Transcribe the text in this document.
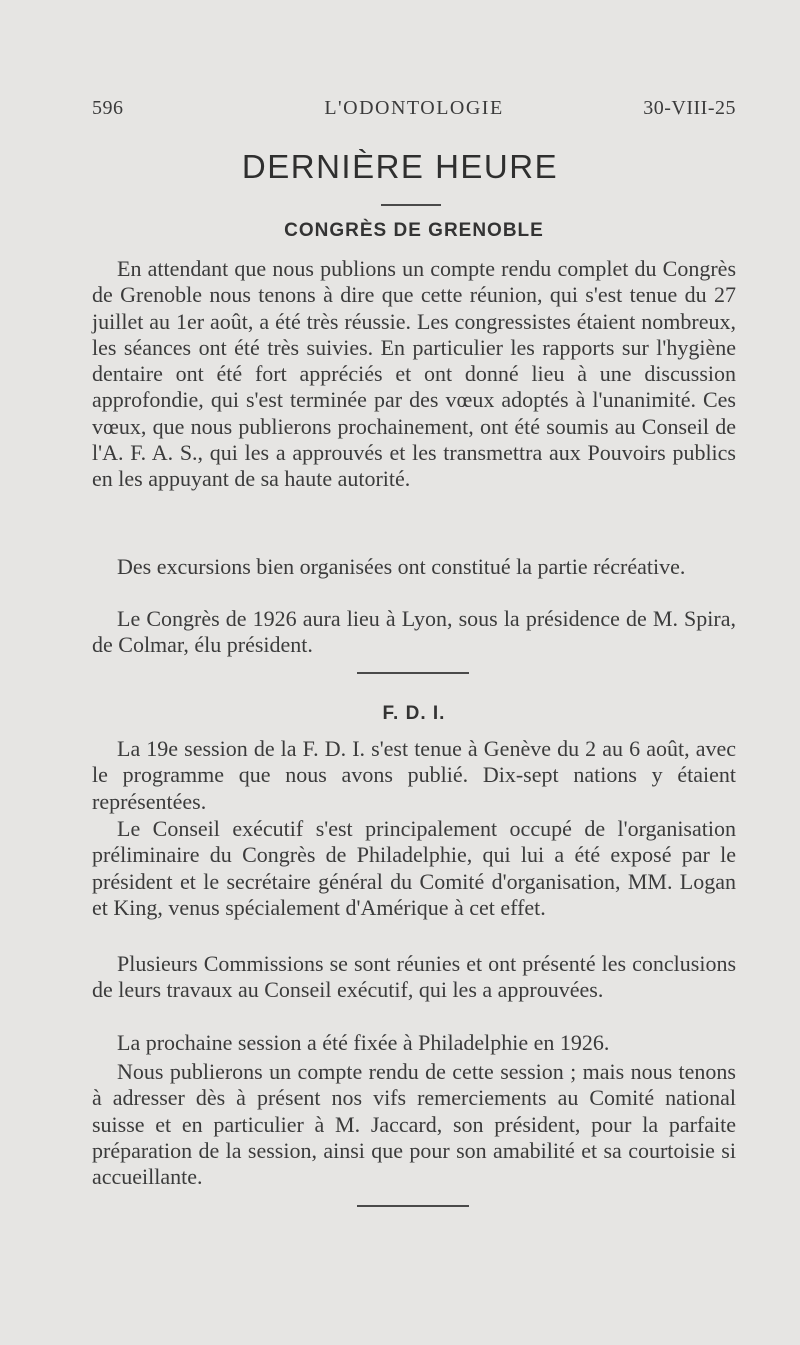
596	L'ODONTOLOGIE	30-VIII-25
DERNIÈRE HEURE
CONGRÈS DE GRENOBLE
En attendant que nous publions un compte rendu complet du Congrès de Grenoble nous tenons à dire que cette réunion, qui s'est tenue du 27 juillet au 1er août, a été très réussie. Les congressistes étaient nombreux, les séances ont été très suivies. En particulier les rapports sur l'hygiène dentaire ont été fort appréciés et ont donné lieu à une discussion approfondie, qui s'est terminée par des vœux adoptés à l'unanimité. Ces vœux, que nous publierons prochainement, ont été soumis au Conseil de l'A. F. A. S., qui les a approuvés et les transmettra aux Pouvoirs publics en les appuyant de sa haute autorité.
Des excursions bien organisées ont constitué la partie récréative.
Le Congrès de 1926 aura lieu à Lyon, sous la présidence de M. Spira, de Colmar, élu président.
F. D. I.
La 19e session de la F. D. I. s'est tenue à Genève du 2 au 6 août, avec le programme que nous avons publié. Dix-sept nations y étaient représentées.
Le Conseil exécutif s'est principalement occupé de l'organisation préliminaire du Congrès de Philadelphie, qui lui a été exposé par le président et le secrétaire général du Comité d'organisation, MM. Logan et King, venus spécialement d'Amérique à cet effet.
Plusieurs Commissions se sont réunies et ont présenté les conclusions de leurs travaux au Conseil exécutif, qui les a approuvées.
La prochaine session a été fixée à Philadelphie en 1926.
Nous publierons un compte rendu de cette session ; mais nous tenons à adresser dès à présent nos vifs remerciements au Comité national suisse et en particulier à M. Jaccard, son président, pour la parfaite préparation de la session, ainsi que pour son amabilité et sa courtoisie si accueillante.
